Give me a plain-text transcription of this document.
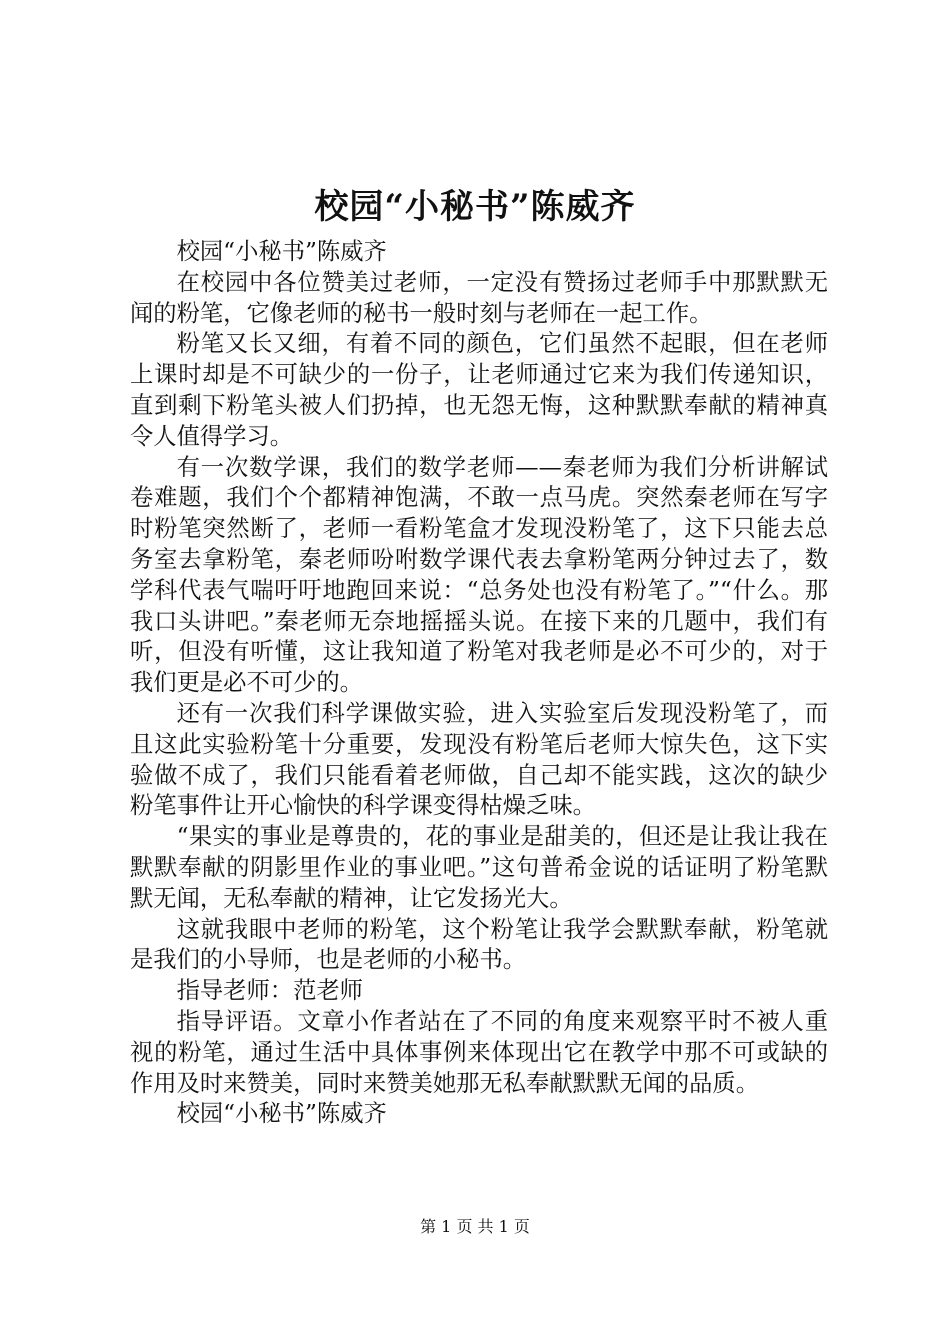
校园“小秘书”陈威齐

校园“小秘书”陈威齐

在校园中各位赞美过老师，一定没有赞扬过老师手中那默默无闻的粉笔，它像老师的秘书一般时刻与老师在一起工作。

粉笔又长又细，有着不同的颜色，它们虽然不起眼，但在老师上课时却是不可缺少的一份子，让老师通过它来为我们传递知识，直到剩下粉笔头被人们扔掉，也无怨无悔，这种默默奉献的精神真令人值得学习。

有一次数学课，我们的数学老师——秦老师为我们分析讲解试卷难题，我们个个都精神饱满，不敢一点马虎。突然秦老师在写字时粉笔突然断了，老师一看粉笔盒才发现没粉笔了，这下只能去总务室去拿粉笔，秦老师吩咐数学课代表去拿粉笔两分钟过去了，数学科代表气喘吁吁地跑回来说：“总务处也没有粉笔了。”“什么。那我口头讲吧。”秦老师无奈地摇摇头说。在接下来的几题中，我们有听，但没有听懂，这让我知道了粉笔对我老师是必不可少的，对于我们更是必不可少的。

还有一次我们科学课做实验，进入实验室后发现没粉笔了，而且这此实验粉笔十分重要，发现没有粉笔后老师大惊失色，这下实验做不成了，我们只能看着老师做，自己却不能实践，这次的缺少粉笔事件让开心愉快的科学课变得枯燥乏味。

“果实的事业是尊贵的，花的事业是甜美的，但还是让我让我在默默奉献的阴影里作业的事业吧。”这句普希金说的话证明了粉笔默默无闻，无私奉献的精神，让它发扬光大。

这就我眼中老师的粉笔，这个粉笔让我学会默默奉献，粉笔就是我们的小导师，也是老师的小秘书。

指导老师：范老师

指导评语。文章小作者站在了不同的角度来观察平时不被人重视的粉笔，通过生活中具体事例来体现出它在教学中那不可或缺的作用及时来赞美，同时来赞美她那无私奉献默默无闻的品质。

校园“小秘书”陈威齐

第 1 页 共 1 页
